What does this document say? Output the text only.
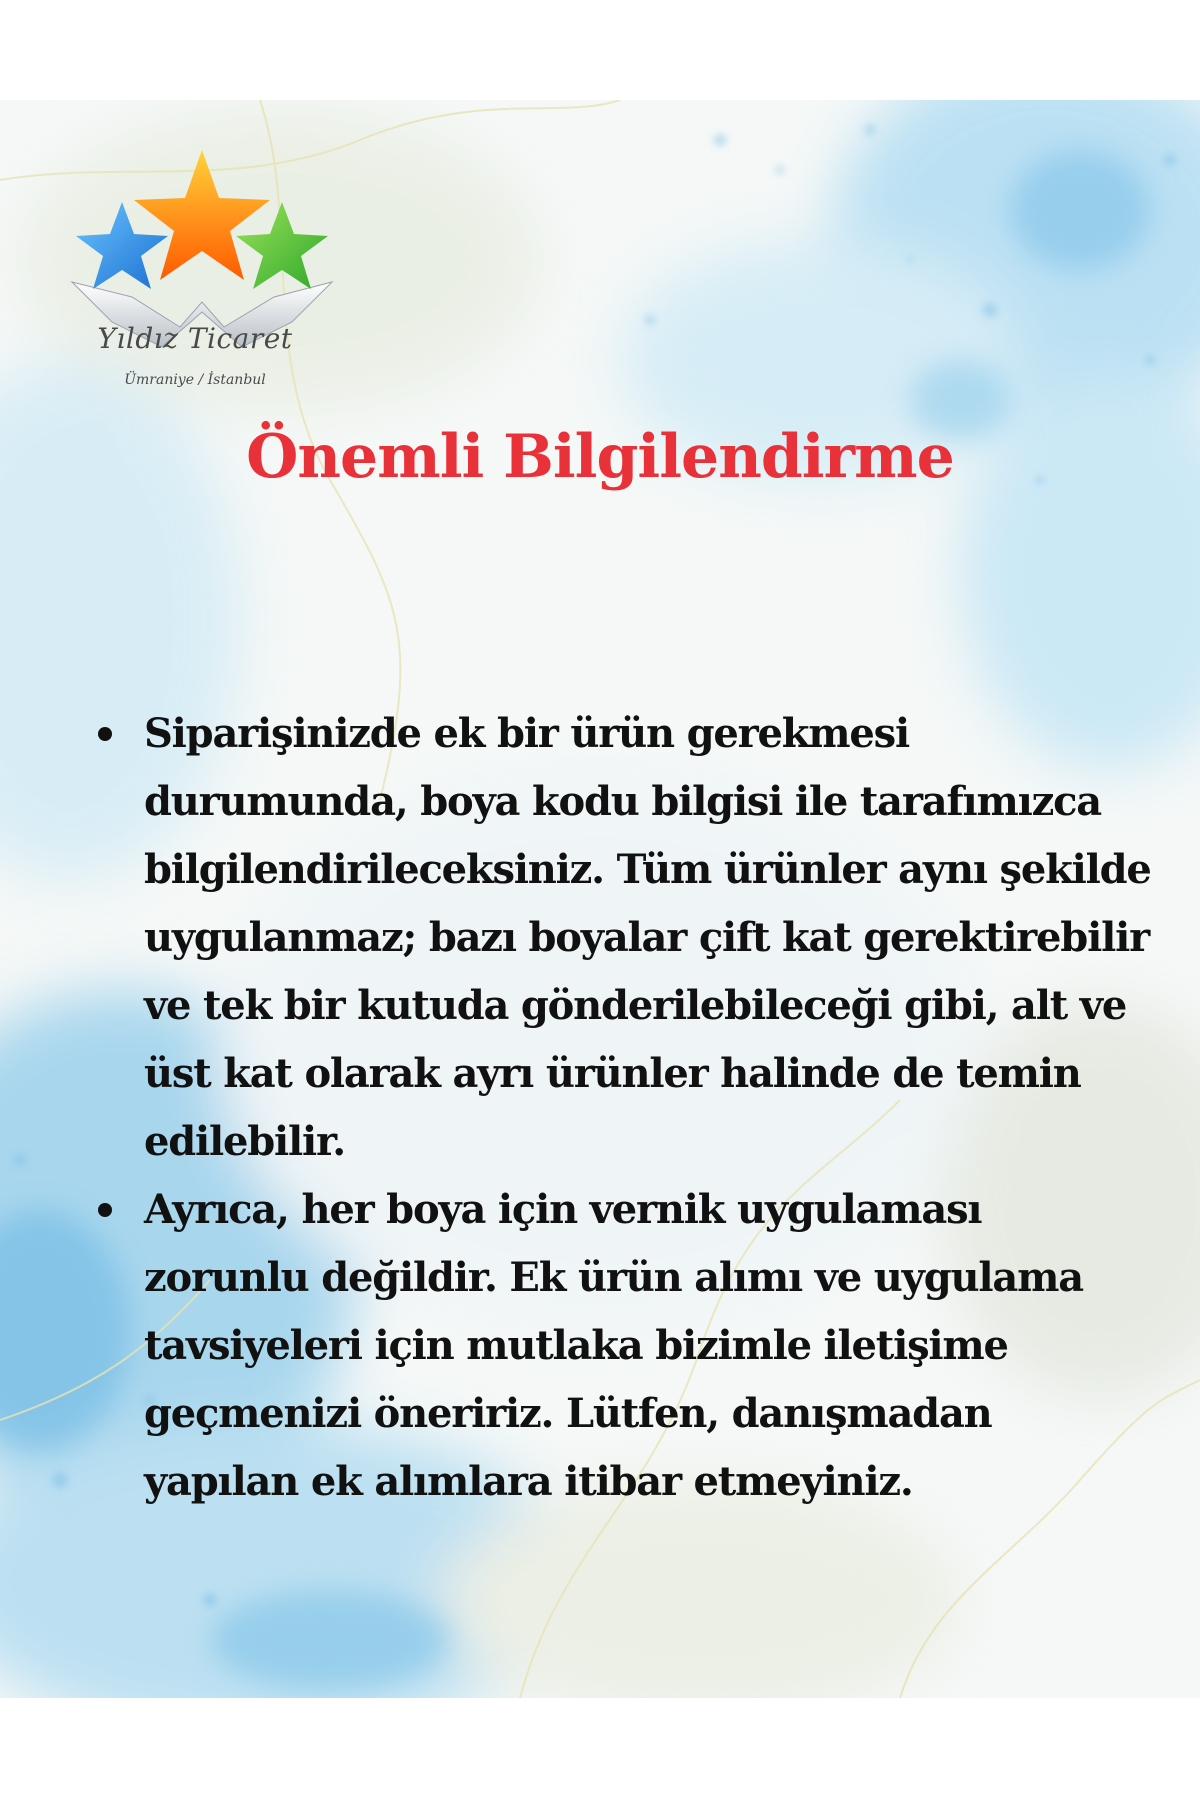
Yıldız Ticaret
Ümraniye / İstanbul
Önemli Bilgilendirme
Siparişinizde ek bir ürün gerekmesi durumunda, boya kodu bilgisi ile tarafımızca bilgilendirileceksiniz. Tüm ürünler aynı şekilde uygulanmaz; bazı boyalar çift kat gerektirebilir ve tek bir kutuda gönderilebileceği gibi, alt ve üst kat olarak ayrı ürünler halinde de temin edilebilir.
Ayrıca, her boya için vernik uygulaması zorunlu değildir. Ek ürün alımı ve uygulama tavsiyeleri için mutlaka bizimle iletişime geçmenizi öneririz. Lütfen, danışmadan yapılan ek alımlara itibar etmeyiniz.
